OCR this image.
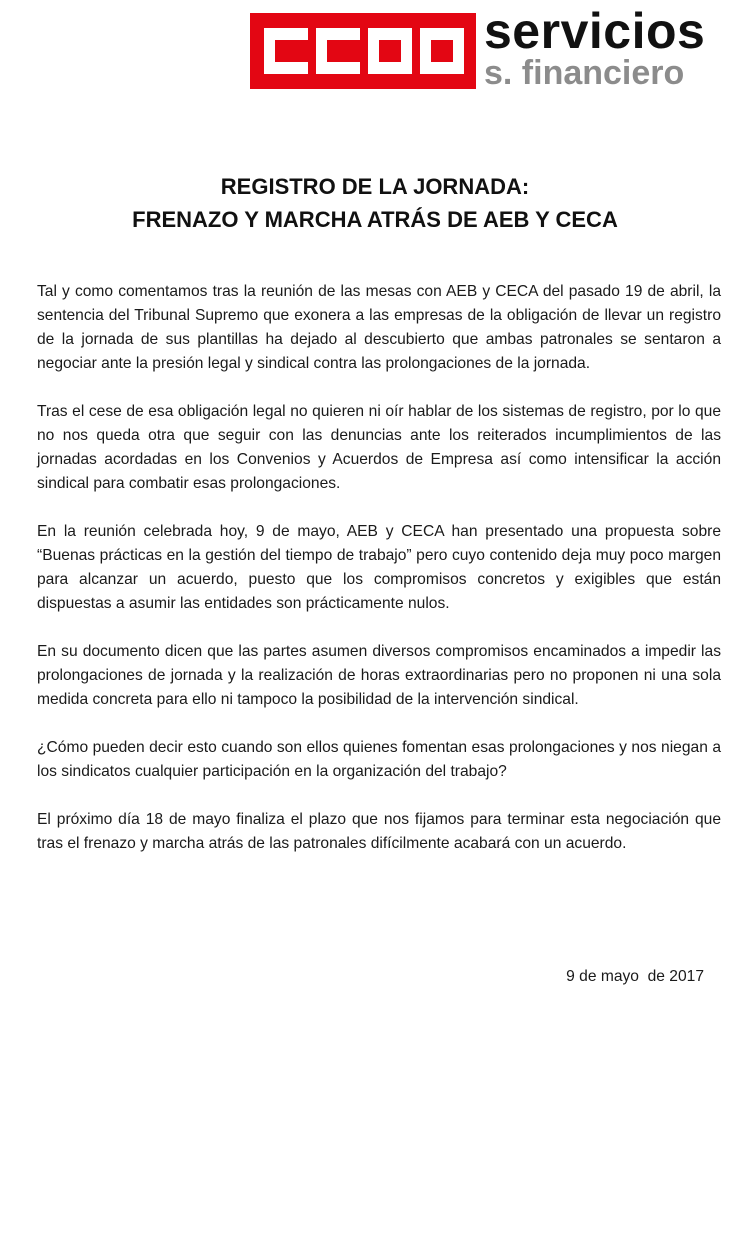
servicios
s. financiero
REGISTRO DE LA JORNADA:
FRENAZO Y MARCHA ATRÁS DE AEB Y CECA

Tal y como comentamos tras la reunión de las mesas con AEB y CECA del pasado 19 de abril, la sentencia del Tribunal Supremo que exonera a las empresas de la obligación de llevar un registro de la jornada de sus plantillas ha dejado al descubierto que ambas patronales se sentaron a negociar ante la presión legal y sindical contra las prolongaciones de la jornada.

Tras el cese de esa obligación legal no quieren ni oír hablar de los sistemas de registro, por lo que no nos queda otra que seguir con las denuncias ante los reiterados incumplimientos de las jornadas acordadas en los Convenios y Acuerdos de Empresa así como intensificar la acción sindical para combatir esas prolongaciones.

En la reunión celebrada hoy, 9 de mayo, AEB y CECA han presentado una propuesta sobre “Buenas prácticas en la gestión del tiempo de trabajo” pero cuyo contenido deja muy poco margen para alcanzar un acuerdo, puesto que los compromisos concretos y exigibles que están dispuestas a asumir las entidades son prácticamente nulos.

En su documento dicen que las partes asumen diversos compromisos encaminados a impedir las prolongaciones de jornada y la realización de horas extraordinarias pero no proponen ni una sola medida concreta para ello ni tampoco la posibilidad de la intervención sindical.

¿Cómo pueden decir esto cuando son ellos quienes fomentan esas prolongaciones y nos niegan a los sindicatos cualquier participación en la organización del trabajo?

El próximo día 18 de mayo finaliza el plazo que nos fijamos para terminar esta negociación que tras el frenazo y marcha atrás de las patronales difícilmente acabará con un acuerdo.

9 de mayo  de 2017
